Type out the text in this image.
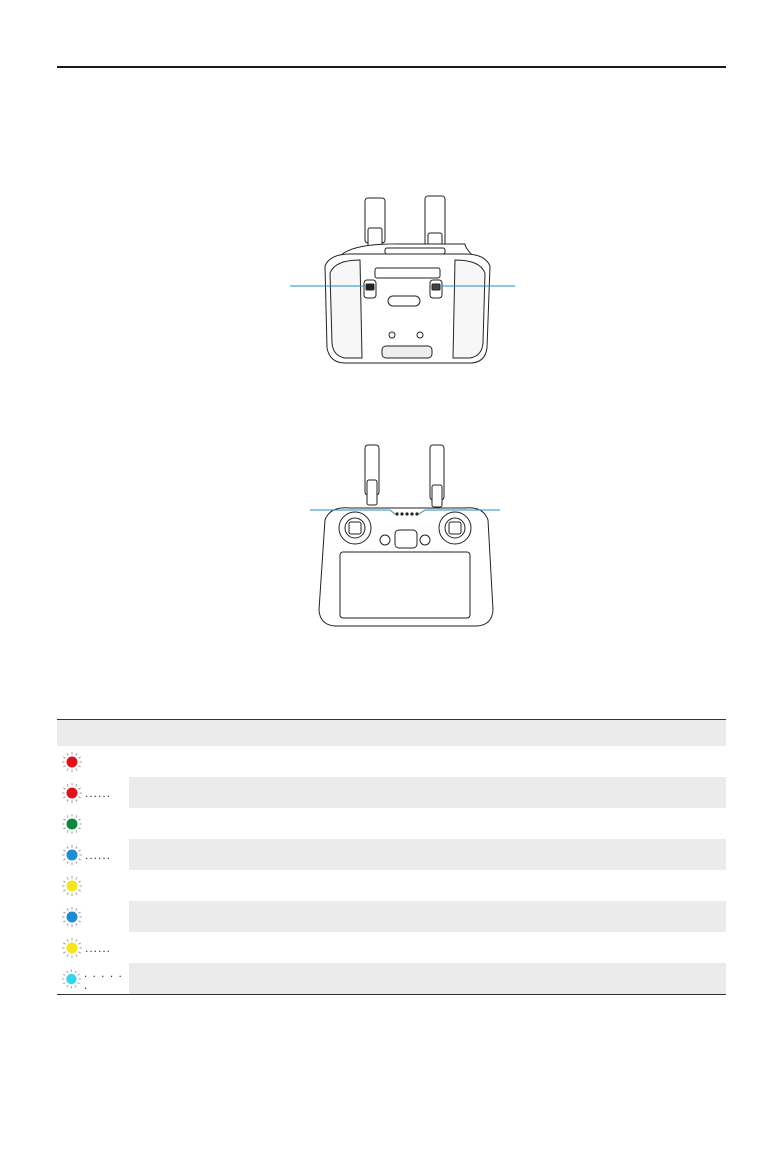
......
......
......
. . . . . .
